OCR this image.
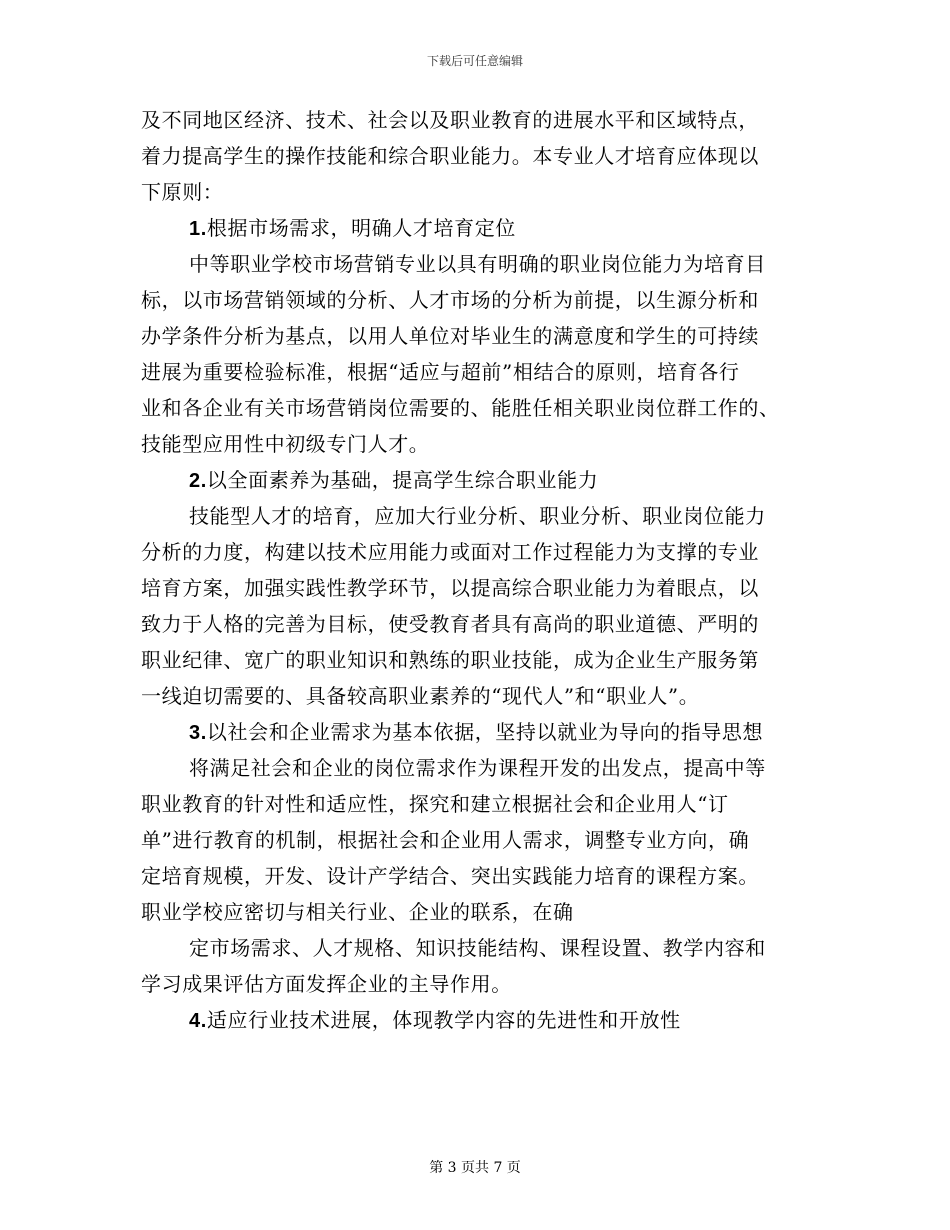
下载后可任意编辑
及不同地区经济、技术、社会以及职业教育的进展水平和区域特点，
着力提高学生的操作技能和综合职业能力。本专业人才培育应体现以
下原则：
1.根据市场需求，明确人才培育定位
中等职业学校市场营销专业以具有明确的职业岗位能力为培育目
标，以市场营销领域的分析、人才市场的分析为前提，以生源分析和
办学条件分析为基点，以用人单位对毕业生的满意度和学生的可持续
进展为重要检验标准，根据“适应与超前”相结合的原则，培育各行
业和各企业有关市场营销岗位需要的、能胜任相关职业岗位群工作的、
技能型应用性中初级专门人才。
2.以全面素养为基础，提高学生综合职业能力
技能型人才的培育，应加大行业分析、职业分析、职业岗位能力
分析的力度，构建以技术应用能力或面对工作过程能力为支撑的专业
培育方案，加强实践性教学环节，以提高综合职业能力为着眼点，以
致力于人格的完善为目标，使受教育者具有高尚的职业道德、严明的
职业纪律、宽广的职业知识和熟练的职业技能，成为企业生产服务第
一线迫切需要的、具备较高职业素养的“现代人”和“职业人”。
3.以社会和企业需求为基本依据，坚持以就业为导向的指导思想
将满足社会和企业的岗位需求作为课程开发的出发点，提高中等
职业教育的针对性和适应性，探究和建立根据社会和企业用人“订
单”进行教育的机制，根据社会和企业用人需求，调整专业方向，确
定培育规模，开发、设计产学结合、突出实践能力培育的课程方案。
职业学校应密切与相关行业、企业的联系，在确
定市场需求、人才规格、知识技能结构、课程设置、教学内容和
学习成果评估方面发挥企业的主导作用。
4.适应行业技术进展，体现教学内容的先进性和开放性
第 3 页共 7 页
